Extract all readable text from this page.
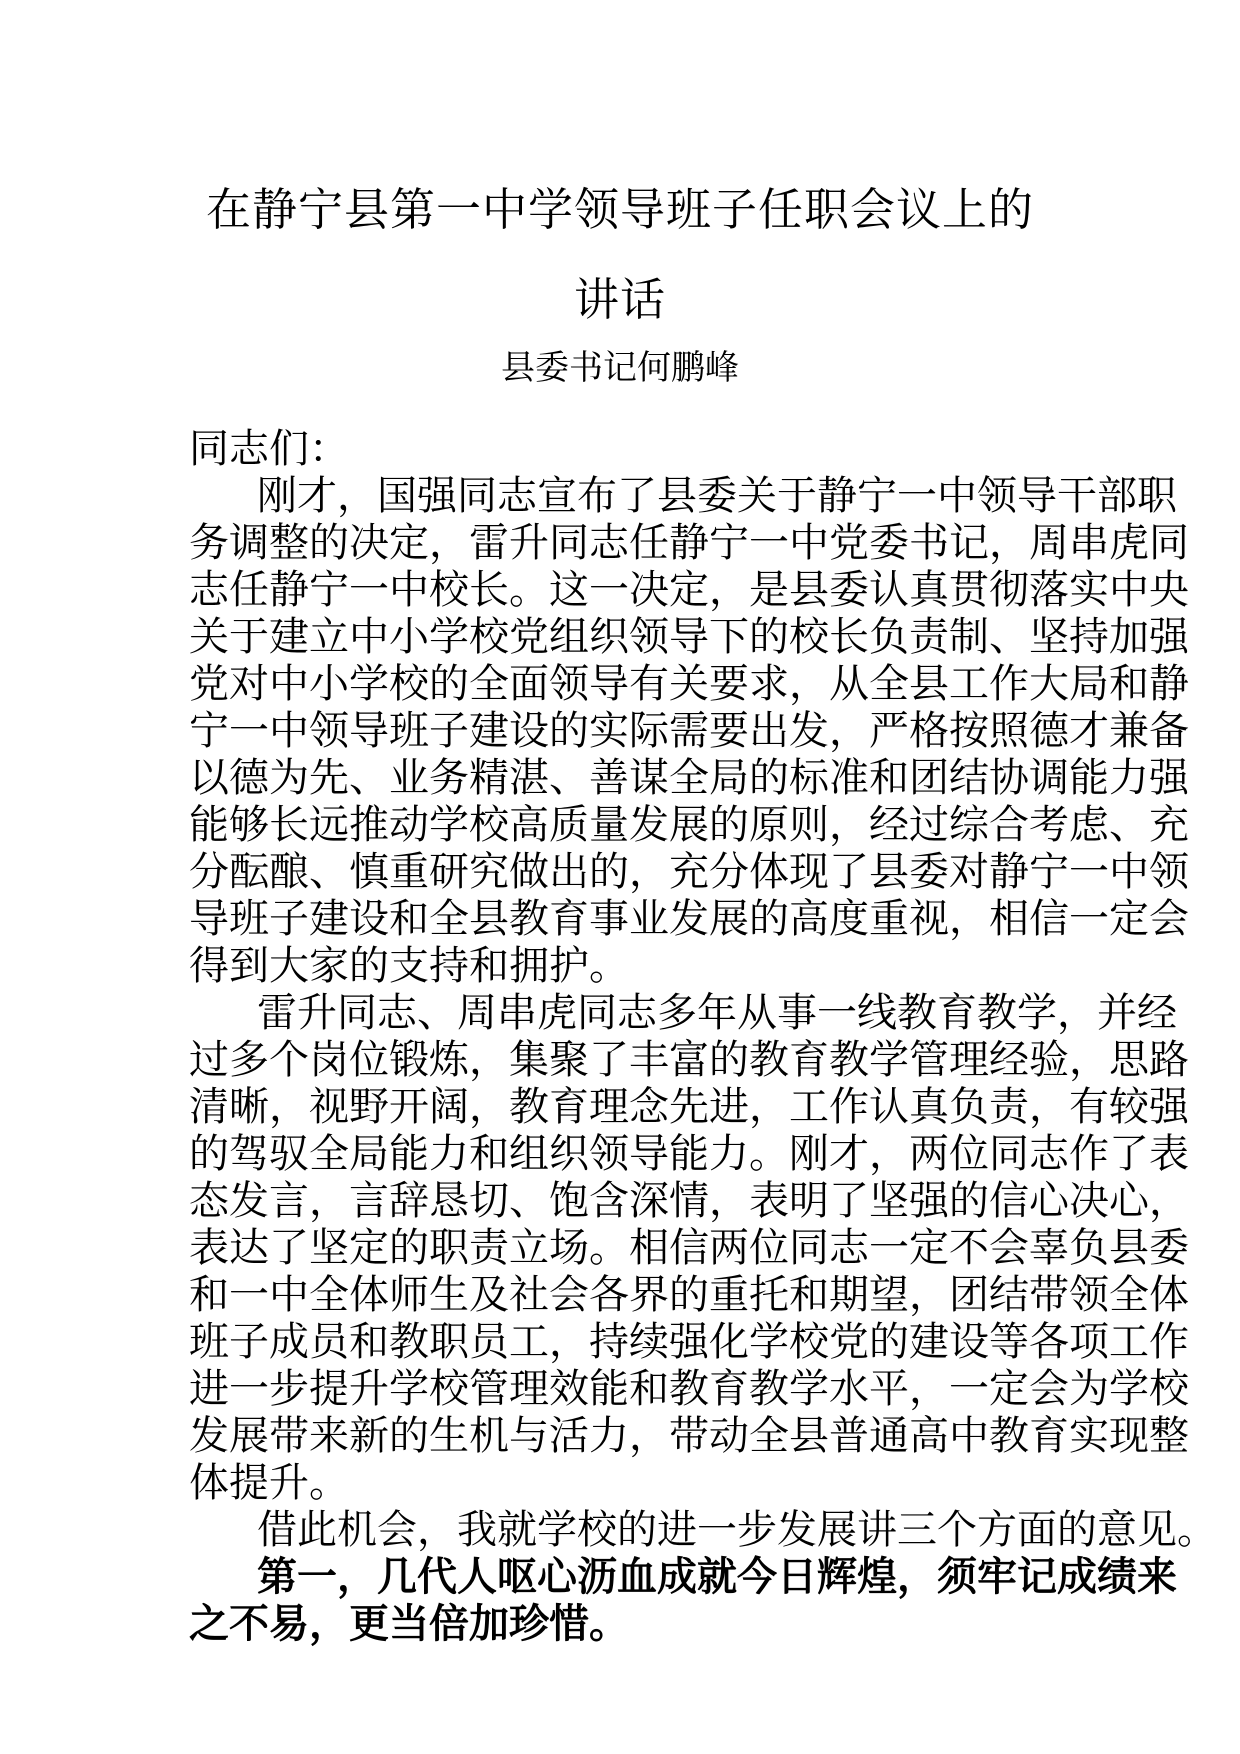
在静宁县第一中学领导班子任职会议上的
讲话
县委书记何鹏峰
同志们：
刚才，国强同志宣布了县委关于静宁一中领导干部职
务调整的决定，雷升同志任静宁一中党委书记，周串虎同
志任静宁一中校长。这一决定，是县委认真贯彻落实中央
关于建立中小学校党组织领导下的校长负责制、坚持加强
党对中小学校的全面领导有关要求，从全县工作大局和静
宁一中领导班子建设的实际需要出发，严格按照德才兼备
以德为先、业务精湛、善谋全局的标准和团结协调能力强
能够长远推动学校高质量发展的原则，经过综合考虑、充
分酝酿、慎重研究做出的，充分体现了县委对静宁一中领
导班子建设和全县教育事业发展的高度重视，相信一定会
得到大家的支持和拥护。
雷升同志、周串虎同志多年从事一线教育教学，并经
过多个岗位锻炼，集聚了丰富的教育教学管理经验，思路
清晰，视野开阔，教育理念先进，工作认真负责，有较强
的驾驭全局能力和组织领导能力。刚才，两位同志作了表
态发言，言辞恳切、饱含深情，表明了坚强的信心决心，
表达了坚定的职责立场。相信两位同志一定不会辜负县委
和一中全体师生及社会各界的重托和期望，团结带领全体
班子成员和教职员工，持续强化学校党的建设等各项工作
进一步提升学校管理效能和教育教学水平，一定会为学校
发展带来新的生机与活力，带动全县普通高中教育实现整
体提升。
借此机会，我就学校的进一步发展讲三个方面的意见。
第一，几代人呕心沥血成就今日辉煌，须牢记成绩来
之不易，更当倍加珍惜。
